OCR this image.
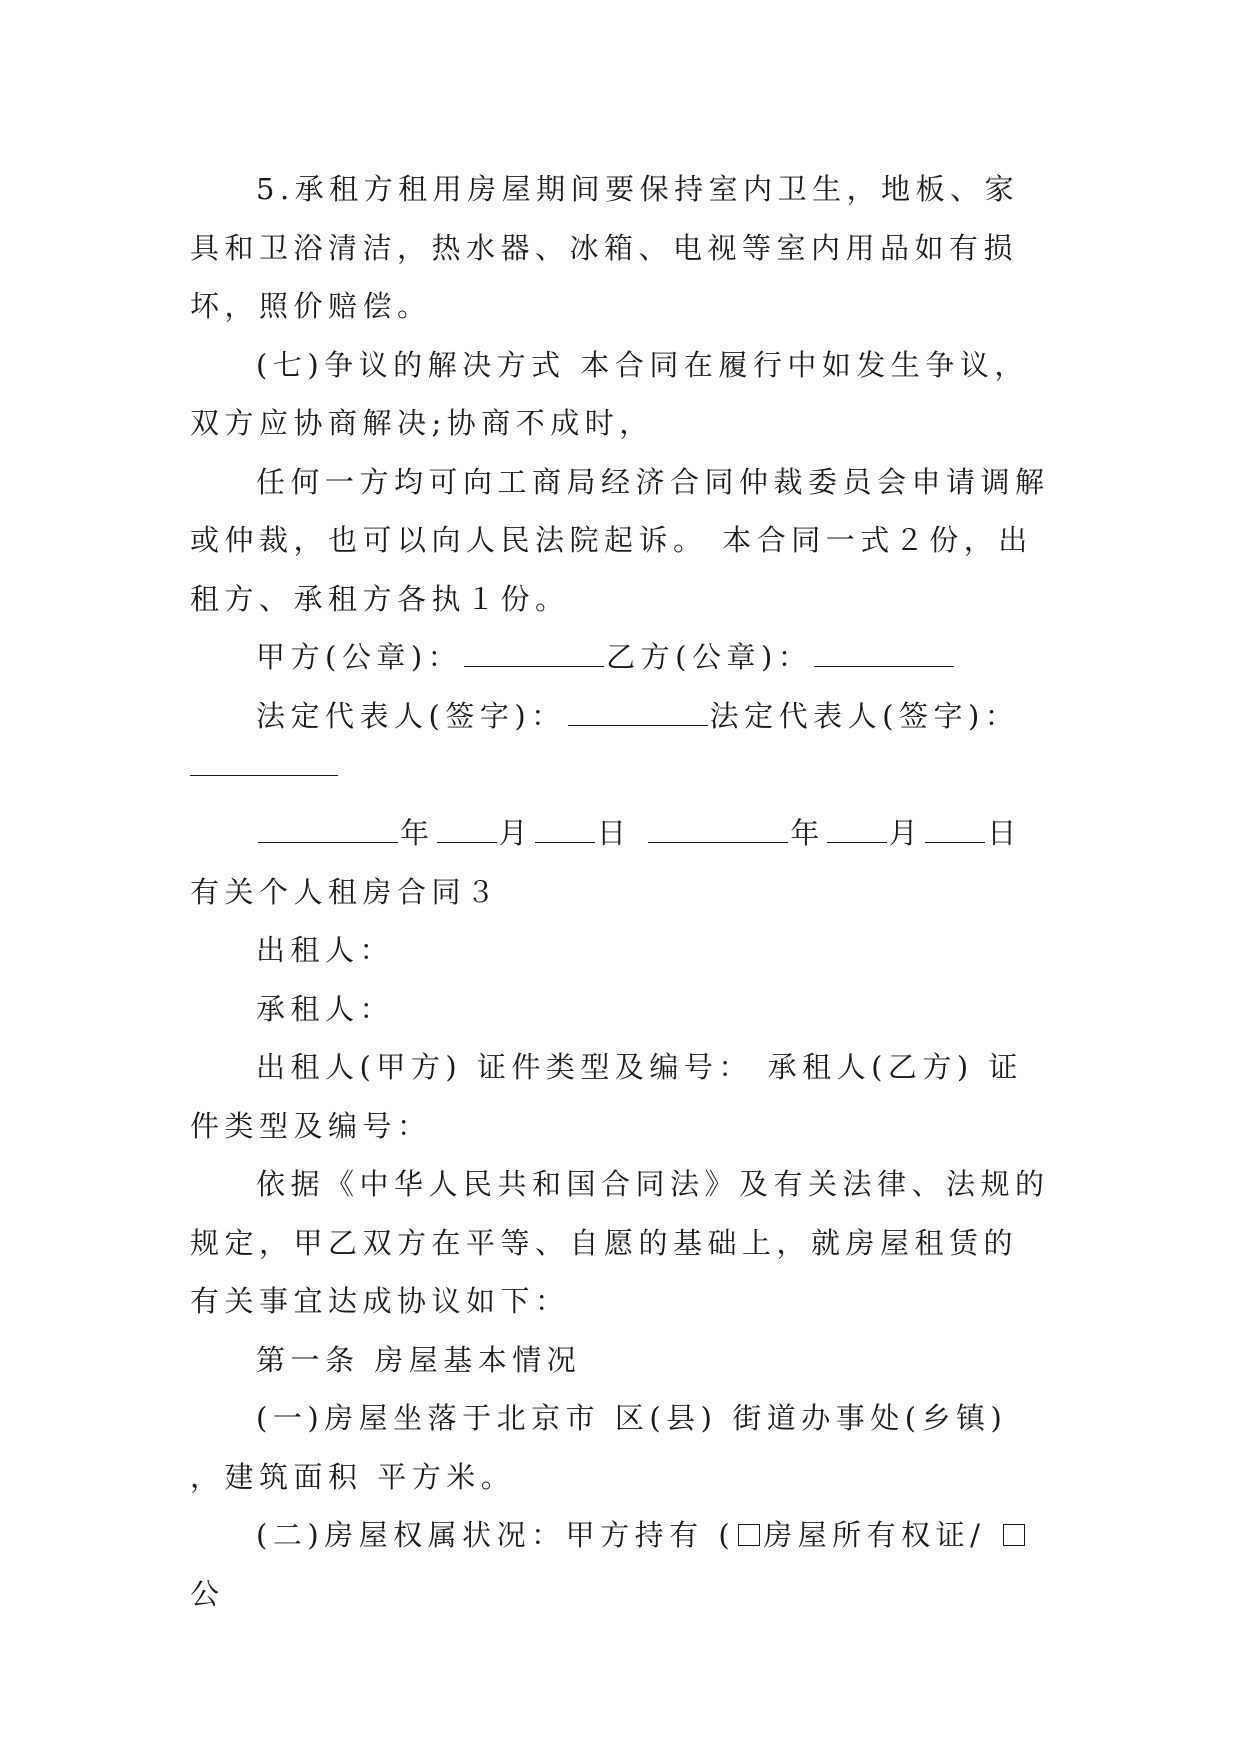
5.承租方租用房屋期间要保持室内卫生，地板、家具和卫浴清洁，热水器、冰箱、电视等室内用品如有损坏，照价赔偿。

(七)争议的解决方式 本合同在履行中如发生争议，双方应协商解决;协商不成时，

任何一方均可向工商局经济合同仲裁委员会申请调解或仲裁，也可以向人民法院起诉。 本合同一式２份，出租方、承租方各执１份。

甲方(公章)：	乙方(公章)：

法定代表人(签字)：	法定代表人(签字)：

年 月 日	年 月 日

有关个人租房合同３

出租人：

承租人：

出租人(甲方) 证件类型及编号： 承租人(乙方) 证件类型及编号：

依据《中华人民共和国合同法》及有关法律、法规的规定，甲乙双方在平等、自愿的基础上，就房屋租赁的有关事宜达成协议如下：

第一条 房屋基本情况

(一)房屋坐落于北京市 区(县) 街道办事处(乡镇) ，建筑面积 平方米。

(二)房屋权属状况：甲方持有 ( 房屋所有权证/ 公
